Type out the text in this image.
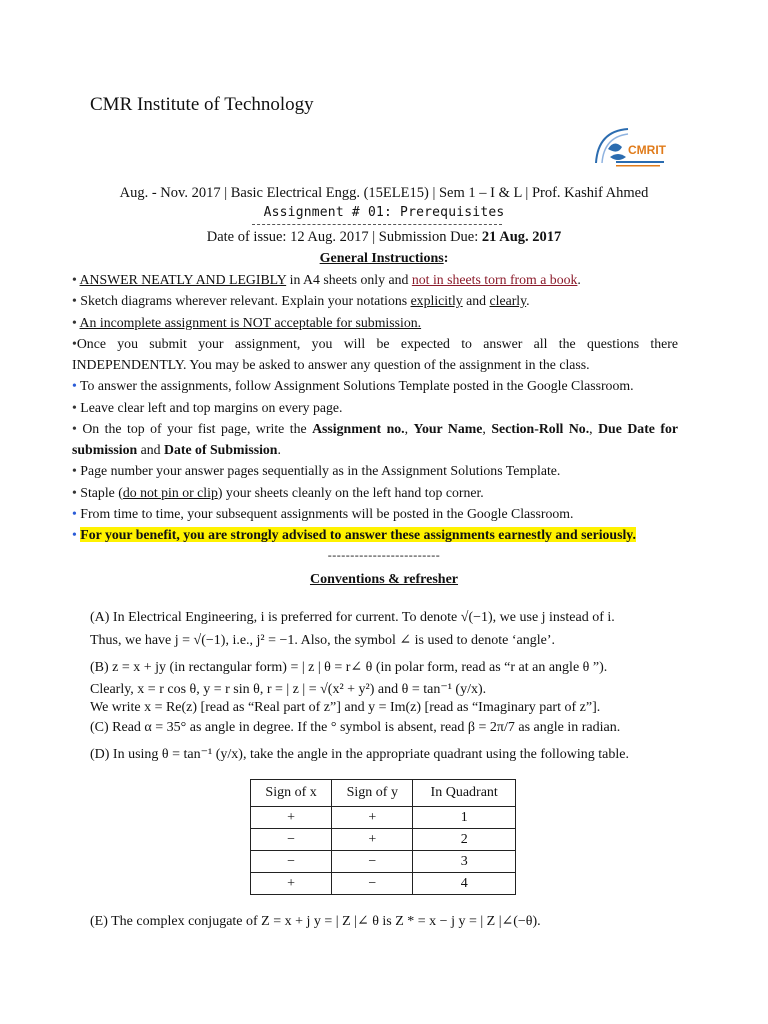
CMR Institute of Technology
CMRIT
Aug. - Nov. 2017 | Basic Electrical Engg. (15ELE15) | Sem 1 – I & L | Prof. Kashif Ahmed
Assignment # 01: Prerequisites
Date of issue: 12 Aug. 2017 | Submission Due: 21 Aug. 2017
General Instructions:
• ANSWER NEATLY AND LEGIBLY in A4 sheets only and not in sheets torn from a book.
• Sketch diagrams wherever relevant. Explain your notations explicitly and clearly.
• An incomplete assignment is NOT acceptable for submission.
•Once you submit your assignment, you will be expected to answer all the questions there
INDEPENDENTLY. You may be asked to answer any question of the assignment in the class.
• To answer the assignments, follow Assignment Solutions Template posted in the Google Classroom.
• Leave clear left and top margins on every page.
• On the top of your fist page, write the Assignment no., Your Name, Section-Roll No., Due Date for
submission and Date of Submission.
• Page number your answer pages sequentially as in the Assignment Solutions Template.
• Staple (do not pin or clip) your sheets cleanly on the left hand top corner.
• From time to time, your subsequent assignments will be posted in the Google Classroom.
• For your benefit, you are strongly advised to answer these assignments earnestly and seriously.
-------------------------
Conventions & refresher
(A) In Electrical Engineering, i is preferred for current. To denote √(−1), we use j instead of i.
Thus, we have j = √(−1), i.e., j² = −1. Also, the symbol ∠ is used to denote ‘angle’.
(B) z = x + jy (in rectangular form) = | z | θ = r∠ θ (in polar form, read as “r at an angle θ ”).
Clearly, x = r cos θ, y = r sin θ, r = | z | = √(x² + y²) and θ = tan⁻¹ (y/x).
We write x = Re(z) [read as “Real part of z”] and y = Im(z) [read as “Imaginary part of z”].
(C) Read α = 35° as angle in degree. If the ° symbol is absent, read β = 2π/7 as angle in radian.
(D) In using θ = tan⁻¹ (y/x), take the angle in the appropriate quadrant using the following table.
Sign of x	Sign of y	In Quadrant
+	+	1
−	+	2
−	−	3
+	−	4
(E) The complex conjugate of Z = x + j y = | Z |∠ θ is Z * = x − j y = | Z |∠(−θ).
